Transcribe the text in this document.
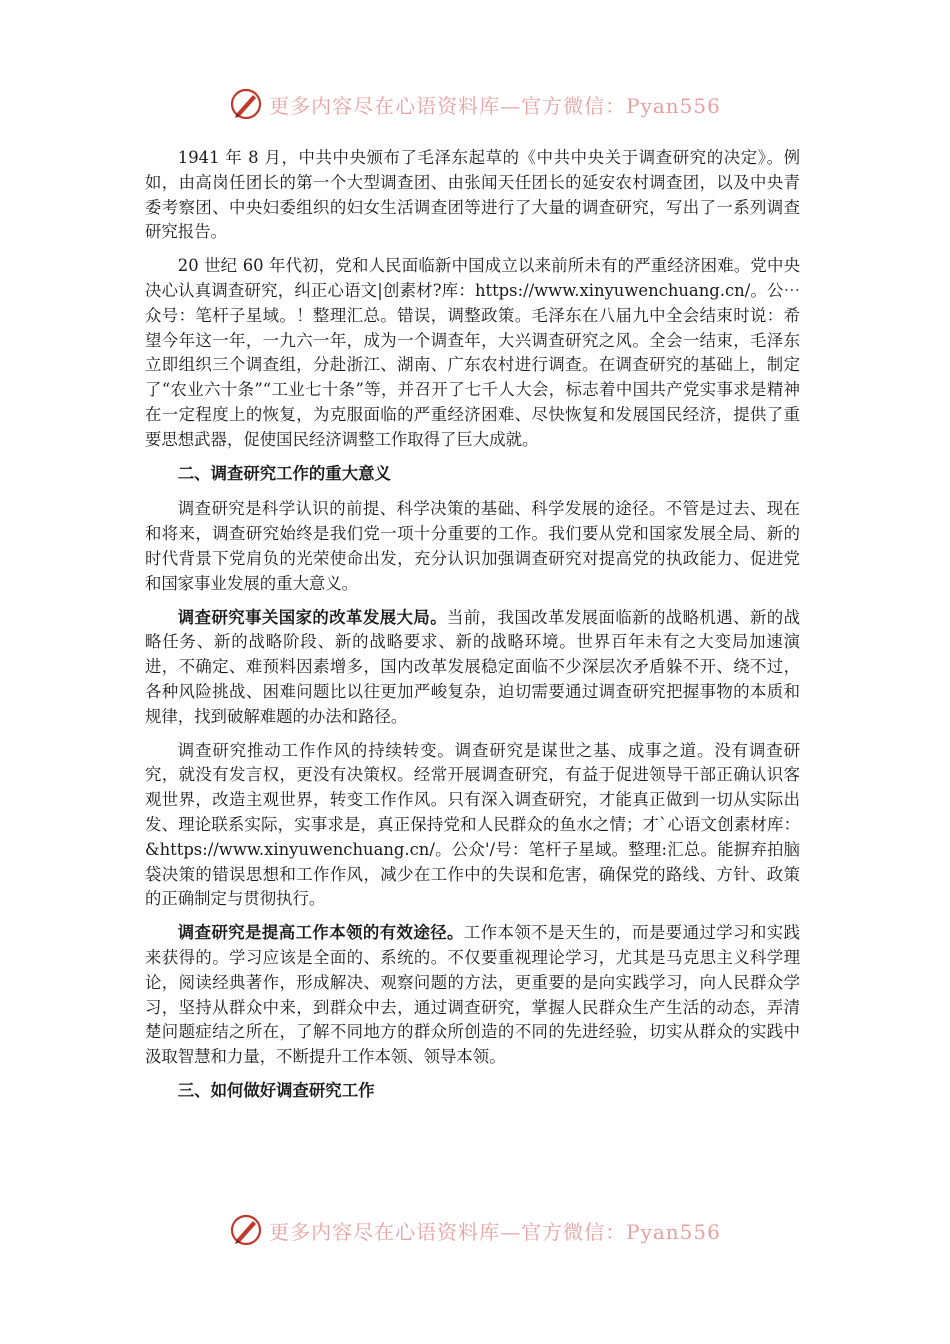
更多内容尽在心语资料库—官方微信：Pyan556

1941 年 8 月，中共中央颁布了毛泽东起草的《中共中央关于调查研究的决定》。例如，由高岗任团长的第一个大型调查团、由张闻天任团长的延安农村调查团，以及中央青委考察团、中央妇委组织的妇女生活调查团等进行了大量的调查研究，写出了一系列调查研究报告。

20 世纪 60 年代初，党和人民面临新中国成立以来前所未有的严重经济困难。党中央决心认真调查研究，纠正心语文|创素材?库：https://www.xinyuwenchuang.cn/。公⋯众号：笔杆子星域。！整理汇总。错误，调整政策。毛泽东在八届九中全会结束时说：希望今年这一年，一九六一年，成为一个调查年，大兴调查研究之风。全会一结束，毛泽东立即组织三个调查组，分赴浙江、湖南、广东农村进行调查。在调查研究的基础上，制定了“农业六十条”“工业七十条”等，并召开了七千人大会，标志着中国共产党实事求是精神在一定程度上的恢复，为克服面临的严重经济困难、尽快恢复和发展国民经济，提供了重要思想武器，促使国民经济调整工作取得了巨大成就。

二、调查研究工作的重大意义

调查研究是科学认识的前提、科学决策的基础、科学发展的途径。不管是过去、现在和将来，调查研究始终是我们党一项十分重要的工作。我们要从党和国家发展全局、新的时代背景下党肩负的光荣使命出发，充分认识加强调查研究对提高党的执政能力、促进党和国家事业发展的重大意义。

调查研究事关国家的改革发展大局。当前，我国改革发展面临新的战略机遇、新的战略任务、新的战略阶段、新的战略要求、新的战略环境。世界百年未有之大变局加速演进，不确定、难预料因素增多，国内改革发展稳定面临不少深层次矛盾躲不开、绕不过，各种风险挑战、困难问题比以往更加严峻复杂，迫切需要通过调查研究把握事物的本质和规律，找到破解难题的办法和路径。

调查研究推动工作作风的持续转变。调查研究是谋世之基、成事之道。没有调查研究，就没有发言权，更没有决策权。经常开展调查研究，有益于促进领导干部正确认识客观世界，改造主观世界，转变工作作风。只有深入调查研究，才能真正做到一切从实际出发、理论联系实际，实事求是，真正保持党和人民群众的鱼水之情；才`心语文创素材库：&https://www.xinyuwenchuang.cn/。公众'/号：笔杆子星域。整理:汇总。能摒弃拍脑袋决策的错误思想和工作作风，减少在工作中的失误和危害，确保党的路线、方针、政策的正确制定与贯彻执行。

调查研究是提高工作本领的有效途径。工作本领不是天生的，而是要通过学习和实践来获得的。学习应该是全面的、系统的。不仅要重视理论学习，尤其是马克思主义科学理论，阅读经典著作，形成解决、观察问题的方法，更重要的是向实践学习，向人民群众学习，坚持从群众中来，到群众中去，通过调查研究，掌握人民群众生产生活的动态，弄清楚问题症结之所在，了解不同地方的群众所创造的不同的先进经验，切实从群众的实践中汲取智慧和力量，不断提升工作本领、领导本领。

三、如何做好调查研究工作

更多内容尽在心语资料库—官方微信：Pyan556
